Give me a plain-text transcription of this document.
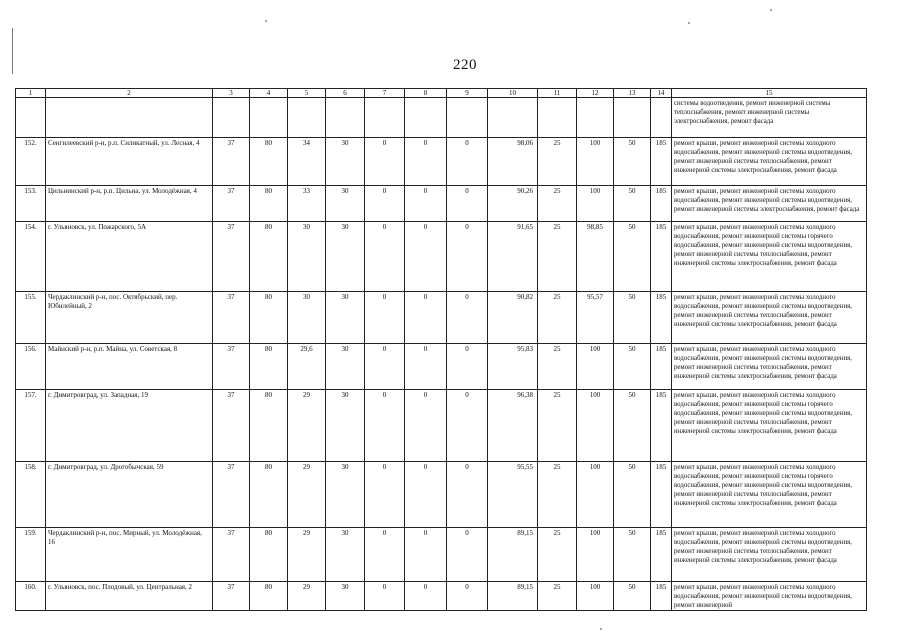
220
1	2	3	4	5	6	7	8	9	10	11	12	13	14	15
														системы водоотведения, ремонт инженерной системы теплоснабжения, ремонт инженерной системы электроснабжения, ремонт фасада
152.	Сенгилеевский р-н, р.п. Силикатный, ул. Лесная, 4	37	80	34	30	0	0	0	98,06	25	100	50	185	ремонт крыши, ремонт инженерной системы холодного водоснабжения, ремонт инженерной системы водоотведения, ремонт инженерной системы теплоснабжения, ремонт инженерной системы электроснабжения, ремонт фасада
153.	Цильнинский р-н, р.п. Цильна, ул. Молодёжная, 4	37	80	33	30	0	0	0	90,26	25	100	50	185	ремонт крыши, ремонт инженерной системы холодного водоснабжения, ремонт инженерной системы водоотведения, ремонт инженерной системы электроснабжения, ремонт фасада
154.	г. Ульяновск, ул. Пожарского, 5А	37	80	30	30	0	0	0	91,65	25	98,85	50	185	ремонт крыши, ремонт инженерной системы холодного водоснабжения, ремонт инженерной системы горячего водоснабжения, ремонт инженерной системы водоотведения, ремонт инженерной системы теплоснабжения, ремонт инженерной системы электроснабжения, ремонт фасада
155.	Чердаклинский р-н, пос. Октябрьский, пер. Юбилейный, 2	37	80	30	30	0	0	0	90,82	25	95,57	50	185	ремонт крыши, ремонт инженерной системы холодного водоснабжения, ремонт инженерной системы водоотведения, ремонт инженерной системы теплоснабжения, ремонт инженерной системы электроснабжения, ремонт фасада
156.	Майнский р-н, р.п. Майна, ул. Советская, 8	37	80	29,6	30	0	0	0	95,83	25	100	50	185	ремонт крыши, ремонт инженерной системы холодного водоснабжения, ремонт инженерной системы водоотведения, ремонт инженерной системы теплоснабжения, ремонт инженерной системы электроснабжения, ремонт фасада
157.	г. Димитровград, ул. Западная, 19	37	80	29	30	0	0	0	96,38	25	100	50	185	ремонт крыши, ремонт инженерной системы холодного водоснабжения, ремонт инженерной системы горячего водоснабжения, ремонт инженерной системы водоотведения, ремонт инженерной системы теплоснабжения, ремонт инженерной системы электроснабжения, ремонт фасада
158.	г. Димитровград, ул. Дрогобычская, 59	37	80	29	30	0	0	0	95,55	25	100	50	185	ремонт крыши, ремонт инженерной системы холодного водоснабжения, ремонт инженерной системы горячего водоснабжения, ремонт инженерной системы водоотведения, ремонт инженерной системы теплоснабжения, ремонт инженерной системы электроснабжения, ремонт фасада
159.	Чердаклинский р-н, пос. Мирный, ул. Молодёжная, 16	37	80	29	30	0	0	0	89,15	25	100	50	185	ремонт крыши, ремонт инженерной системы холодного водоснабжения, ремонт инженерной системы водоотведения, ремонт инженерной системы теплоснабжения, ремонт инженерной системы электроснабжения, ремонт фасада
160.	г. Ульяновск, пос. Плодовый, ул. Центральная, 2	37	80	29	30	0	0	0	89,15	25	100	50	185	ремонт крыши, ремонт инженерной системы холодного водоснабжения, ремонт инженерной системы водоотведения, ремонт инженерной
